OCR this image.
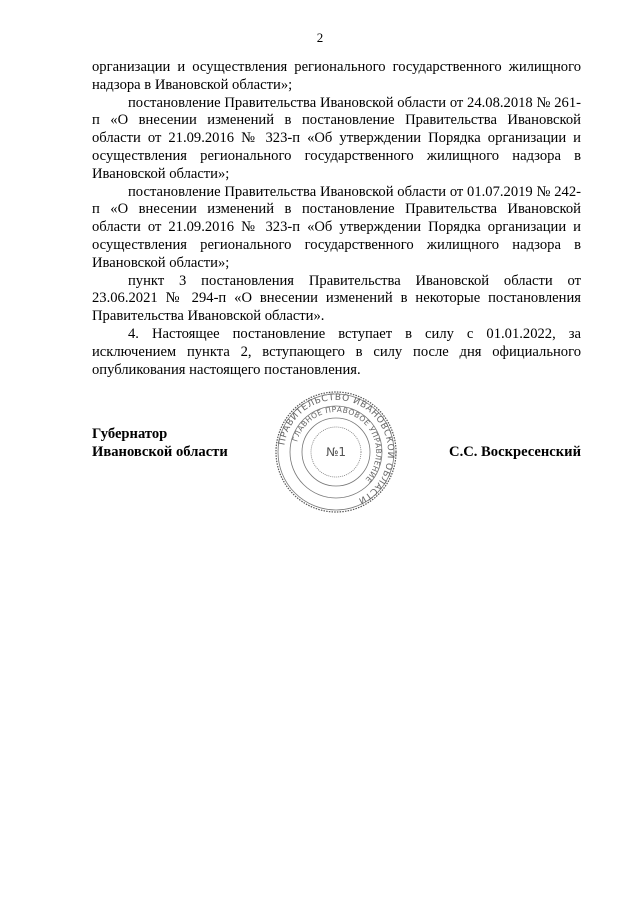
2

организации и осуществления регионального государственного жилищного надзора в Ивановской области»;

постановление Правительства Ивановской области от 24.08.2018 № 261-п «О внесении изменений в постановление Правительства Ивановской области от 21.09.2016 № 323-п «Об утверждении Порядка организации и осуществления регионального государственного жилищного надзора в Ивановской области»;

постановление Правительства Ивановской области от 01.07.2019 № 242-п «О внесении изменений в постановление Правительства Ивановской области от 21.09.2016 № 323-п «Об утверждении Порядка организации и осуществления регионального государственного жилищного надзора в Ивановской области»;

пункт 3 постановления Правительства Ивановской области от 23.06.2021 № 294-п «О внесении изменений в некоторые постановления Правительства Ивановской области».

4. Настоящее постановление вступает в силу с 01.01.2022, за исключением пункта 2, вступающего в силу после дня официального опубликования настоящего постановления.

Губернатор
Ивановской области	С.С. Воскресенский
ПРАВИТЕЛЬСТВО ИВАНОВСКОЙ ОБЛАСТИ
ГЛАВНОЕ ПРАВОВОЕ УПРАВЛЕНИЕ
№1
